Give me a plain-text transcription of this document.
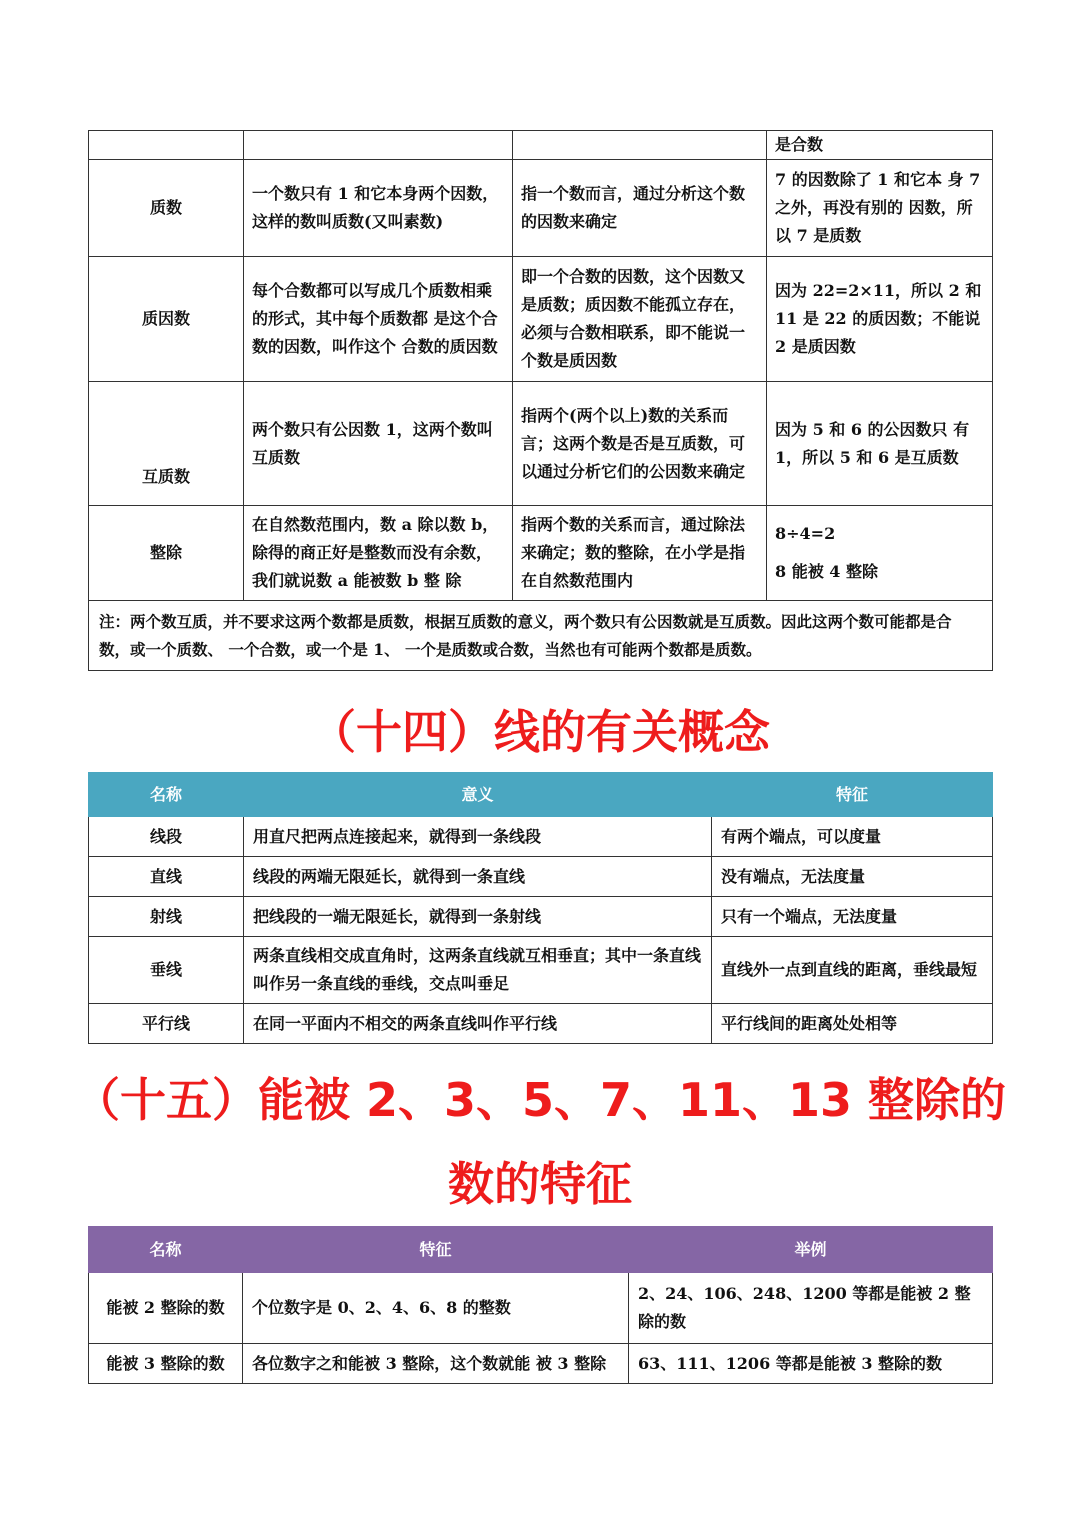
			是合数
质数	一个数只有 1 和它本身两个因数，这样的数叫质数(又叫素数)	指一个数而言，通过分析这个数 的因数来确定	7 的因数除了 1 和它本 身 7 之外，再没有别的 因数，所以 7 是质数
质因数	每个合数都可以写成几个质数相乘的形式，其中每个质数都 是这个合数的因数，叫作这个 合数的质因数	即一个合数的因数，这个因数又是质数；质因数不能孤立存在，必须与合数相联系，即不能说一个数是质因数	因为 22=2×11，所以 2 和 11 是 22 的质因数；不能说 2 是质因数
互质数	两个数只有公因数 1，这两个数叫互质数	指两个(两个以上)数的关系而言；这两个数是否是互质数，可以通过分析它们的公因数来确定	因为 5 和 6 的公因数只 有 1，所以 5 和 6 是互质数
整除	在自然数范围内，数 a 除以数 b，除得的商正好是整数而没有余数，我们就说数 a 能被数 b 整 除	指两个数的关系而言，通过除法来确定；数的整除，在小学是指在自然数范围内	8÷4=2
8 能被 4 整除

注：两个数互质，并不要求这两个数都是质数，根据互质数的意义，两个数只有公因数就是互质数。因此这两个数可能都是合数，或一个质数、 一个合数，或一个是 1、 一个是质数或合数，当然也有可能两个数都是质数。			
（十四）线的有关概念
名称	意义	特征
线段	用直尺把两点连接起来，就得到一条线段	有两个端点，可以度量
直线	线段的两端无限延长，就得到一条直线	没有端点，无法度量
射线	把线段的一端无限延长，就得到一条射线	只有一个端点，无法度量
垂线	两条直线相交成直角时，这两条直线就互相垂直；其中一条直线叫作另一条直线的垂线，交点叫垂足	直线外一点到直线的距离，垂线最短
平行线	在同一平面内不相交的两条直线叫作平行线	平行线间的距离处处相等
（十五）能被 2、3、5、7、11、13 整除的
数的特征
名称	特征	举例
能被 2 整除的数	个位数字是 0、2、4、6、8 的整数	2、24、106、248、1200 等都是能被 2 整除的数
能被 3 整除的数	各位数字之和能被 3 整除，这个数就能 被 3 整除	63、111、1206 等都是能被 3 整除的数
